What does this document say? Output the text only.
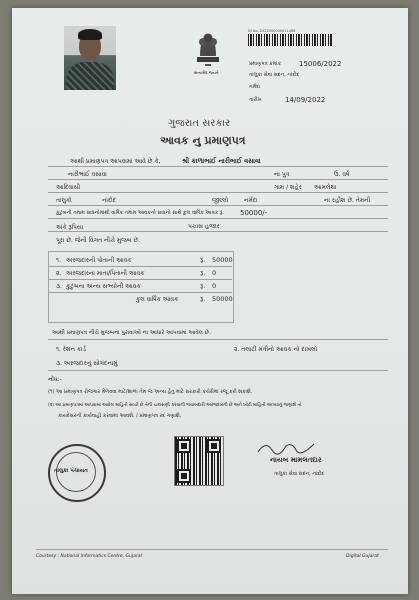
સત્યમેવ જયતે
ID No. 2022000000011486
પ્રમાણપત્ર ક્રમાંક	15006/2022
તાલુકા સેવા સદન, નાંદોદ
નર્મદા
તારીખ	14/09/2022
ગુજરાત સરકાર
આવક નુ પ્રમાણપત્ર
આથી પ્રમાણપત્ર આપવામાં આવે છે કે,	શ્રી કાળાભાઈ નારીભાઈ વસાવા
નારીભાઈ વસાવા	ના પુત્ર	ઉ. વર્ષ
આદિવાસી	ગામ / શહેર આમલેથા
તાલુકો	નાંદોદ	જીલ્લો	નર્મદા	ના રહીશ છે. તેમની
કુટુંબની તમામ સાધનોમાંથી વાર્ષિક તમામ આવકનો સાધનો સાથે કુલ વાર્ષિક આવક રૂ. 50000/-
અંકે રૂપિયા	પચાસ હજાર
પૂરા છે. જેની વિગત નીચે મુજબ છે.
૧. અરજદારની પોતાની આવક	રૂ. 50000
૨. અરજદારના માતા/પિતાની આવક	રૂ. 0
૩. કુટુંબના અન્ય સભ્યોની આવક	રૂ. 0
કુલ વાર્ષિક આવક	રૂ. 50000
આથી પ્રમાણપત્ર નીચે મુજબના પુરાવાઓ ના આધારે આપવામાં આવેલ છે.
૧. રેશન કાર્ડ	૨. તલાટી મંત્રીનો આવક નો દાખલો
૩. અરજદારનું સોગંદનામું
નોંધ:-
(૧) આ પ્રમાણપત્ર રોજગાર મેળવવા માટે/શાળા તેમ જ અન્ય હેતુ માટે સરકારી કચેરીમાં રજૂ કરી શકાશે.
(૨) આ પ્રમાણપત્રમાં આપવામાં આવેલ માહિતી સાચી છે તેની ચકાસણી કરવાની જવાબદારી અરજદારની છે અને ખોટી માહિતી આપ્યાનું જણાશે તો
કાયદેસરની કાર્યવાહી કરવામાં આવશે. / પ્રમાણપત્ર રદ ગણાશે.
તાલુકા પંચાયત
નાયબ મામલતદાર
તાલુકા સેવા સદન, નાંદોદ
Courtesy : National Informatics Centre, Gujarat	Digital Gujarat
